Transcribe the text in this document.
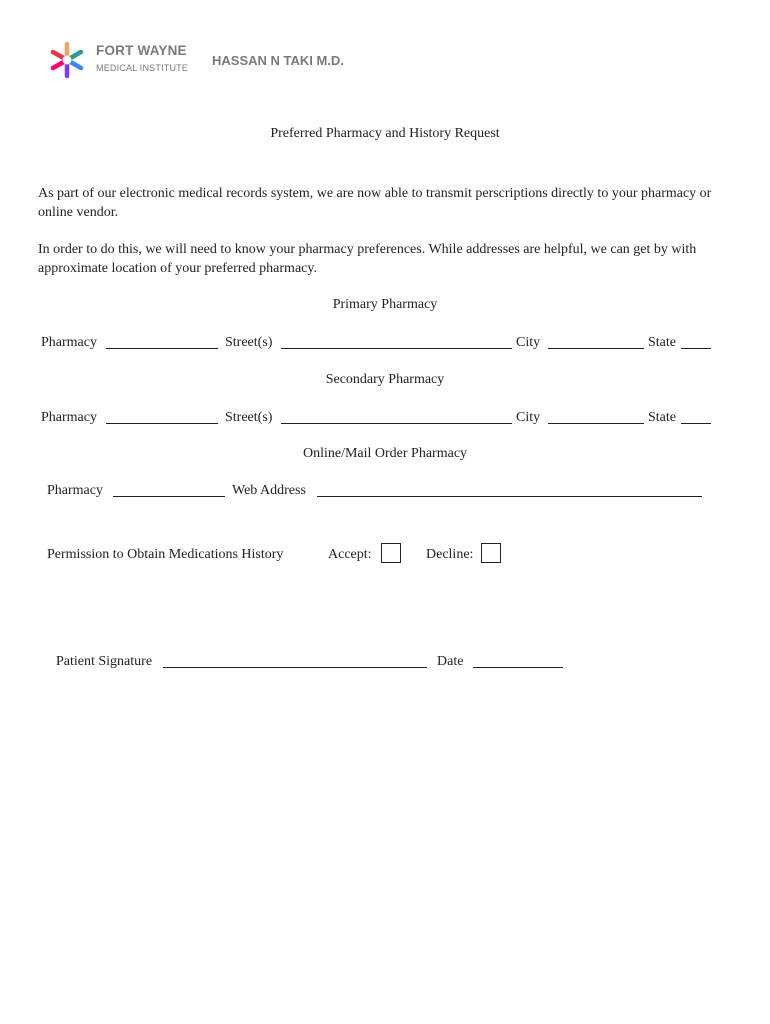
FORT WAYNE
MEDICAL INSTITUTE HASSAN N TAKI M.D.
Preferred Pharmacy and History Request
As part of our electronic medical records system, we are now able to transmit perscriptions directly to your pharmacy or online vendor.
In order to do this, we will need to know your pharmacy preferences. While addresses are helpful, we can get by with approximate location of your preferred pharmacy.
Primary Pharmacy
Pharmacy	Street(s)	City	State
Secondary Pharmacy
Pharmacy	Street(s)	City	State
Online/Mail Order Pharmacy
Pharmacy	Web Address
Permission to Obtain Medications History	Accept:	Decline:
Patient Signature	Date
